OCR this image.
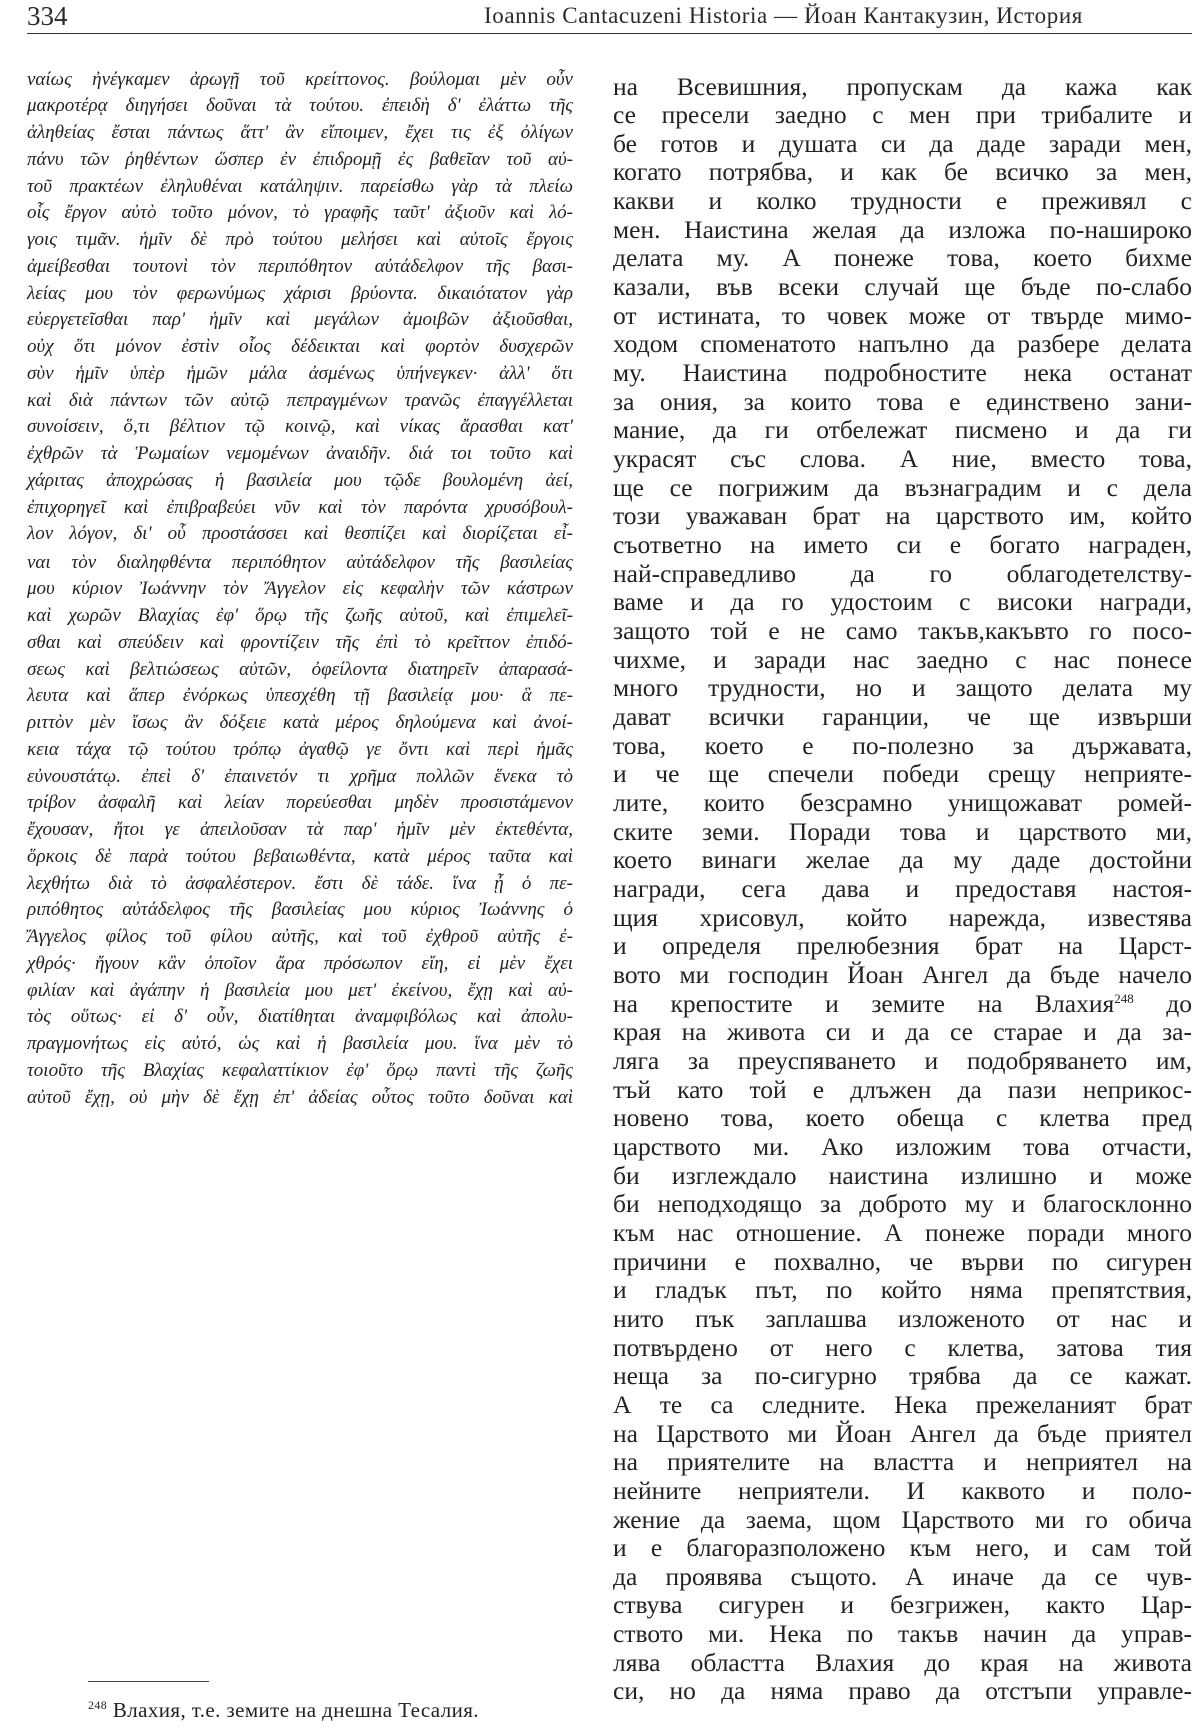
334	Ioannis Cantacuzeni Historia — Йоан Кантакузин, История
ναίως ἠνέγκαμεν ἀρωγῇ τοῦ κρείττονος. βούλομαι μὲν οὖν
μακροτέρᾳ διηγήσει δοῦναι τὰ τούτου. ἐπειδὴ δ' ἐλάττω τῆς
ἀληθείας ἔσται πάντως ἅττ' ἂν εἴποιμεν, ἔχει τις ἐξ ὀλίγων
πάνυ τῶν ῥηθέντων ὥσπερ ἐν ἐπιδρομῇ ἐς βαθεῖαν τοῦ αὐ-
τοῦ πρακτέων ἐληλυθέναι κατάληψιν. παρείσθω γὰρ τὰ πλείω
οἷς ἔργον αὐτὸ τοῦτο μόνον, τὸ γραφῆς ταῦτ' ἀξιοῦν καὶ λό-
γοις τιμᾶν. ἡμῖν δὲ πρὸ τούτου μελήσει καὶ αὐτοῖς ἔργοις
ἀμείβεσθαι τουτονὶ τὸν περιπόθητον αὐτάδελφον τῆς βασι-
λείας μου τὸν φερωνύμως χάρισι βρύοντα. δικαιότατον γὰρ
εὐεργετεῖσθαι παρ' ἡμῖν καὶ μεγάλων ἀμοιβῶν ἀξιοῦσθαι,
οὐχ ὅτι μόνον ἐστὶν οἷος δέδεικται καὶ φορτὸν δυσχερῶν
σὺν ἡμῖν ὑπὲρ ἡμῶν μάλα ἀσμένως ὑπήνεγκεν· ἀλλ' ὅτι
καὶ διὰ πάντων τῶν αὐτῷ πεπραγμένων τρανῶς ἐπαγγέλλεται
συνοίσειν, ὅ,τι βέλτιον τῷ κοινῷ, καὶ νίκας ἄρασθαι κατ'
ἐχθρῶν τὰ Ῥωμαίων νεμομένων ἀναιδῆν. διά τοι τοῦτο καὶ
χάριτας ἀποχρώσας ἡ βασιλεία μου τῷδε βουλομένη ἀεί,
ἐπιχορηγεῖ καὶ ἐπιβραβεύει νῦν καὶ τὸν παρόντα χρυσόβουλ-
λον λόγον, δι' οὗ προστάσσει καὶ θεσπίζει καὶ διορίζεται εἶ-
ναι τὸν διαληφθέντα περιπόθητον αὐτάδελφον τῆς βασιλείας
μου κύριον Ἰωάννην τὸν Ἄγγελον εἰς κεφαλὴν τῶν κάστρων
καὶ χωρῶν Βλαχίας ἐφ' ὅρῳ τῆς ζωῆς αὐτοῦ, καὶ ἐπιμελεῖ-
σθαι καὶ σπεύδειν καὶ φροντίζειν τῆς ἐπὶ τὸ κρεῖττον ἐπιδό-
σεως καὶ βελτιώσεως αὐτῶν, ὀφείλοντα διατηρεῖν ἀπαρασά-
λευτα καὶ ἅπερ ἐνόρκως ὑπεσχέθη τῇ βασιλείᾳ μου· ἃ πε-
ριττὸν μὲν ἴσως ἂν δόξειε κατὰ μέρος δηλούμενα καὶ ἀνοί-
κεια τάχα τῷ τούτου τρόπῳ ἀγαθῷ γε ὄντι καὶ περὶ ἡμᾶς
εὐνουστάτῳ. ἐπεὶ δ' ἐπαινετόν τι χρῆμα πολλῶν ἕνεκα τὸ
τρίβον ἀσφαλῆ καὶ λείαν πορεύεσθαι μηδὲν προσιστάμενον
ἔχουσαν, ἤτοι γε ἀπειλοῦσαν τὰ παρ' ἡμῖν μὲν ἐκτεθέντα,
ὅρκοις δὲ παρὰ τούτου βεβαιωθέντα, κατὰ μέρος ταῦτα καὶ
λεχθήτω διὰ τὸ ἀσφαλέστερον. ἔστι δὲ τάδε. ἵνα ᾖ ὁ πε-
ριπόθητος αὐτάδελφος τῆς βασιλείας μου κύριος Ἰωάννης ὁ
Ἄγγελος φίλος τοῦ φίλου αὐτῆς, καὶ τοῦ ἐχθροῦ αὐτῆς ἐ-
χθρός· ἤγουν κἂν ὁποῖον ἄρα πρόσωπον εἴη, εἰ μὲν ἔχει
φιλίαν καὶ ἀγάπην ἡ βασιλεία μου μετ' ἐκείνου, ἔχῃ καὶ αὐ-
τὸς οὕτως· εἰ δ' οὖν, διατίθηται ἀναμφιβόλως καὶ ἀπολυ-
πραγμονήτως εἰς αὐτό, ὡς καὶ ἡ βασιλεία μου. ἵνα μὲν τὸ
τοιοῦτο τῆς Βλαχίας κεφαλαττίκιον ἐφ' ὅρῳ παντὶ τῆς ζωῆς
αὐτοῦ ἔχῃ, οὐ μὴν δὲ ἔχῃ ἐπ' ἀδείας οὗτος τοῦτο δοῦναι καὶ
на Всевишния, пропускам да кажа как
се пресели заедно с мен при трибалите и
бе готов и душата си да даде заради мен,
когато потрябва, и как бе всичко за мен,
какви и колко трудности е преживял с
мен. Наистина желая да изложа по-нашироко
делата му. А понеже това, което бихме
казали, във всеки случай ще бъде по-слабо
от истината, то човек може от твърде мимо-
ходом споменатото напълно да разбере делата
му. Наистина подробностите нека останат
за ония, за които това е единствено зани-
мание, да ги отбележат писмено и да ги
украсят със слова. А ние, вместо това,
ще се погрижим да възнаградим и с дела
този уважаван брат на царството им, който
съответно на името си е богато награден,
най-справедливо да го облагодетелству-
ваме и да го удостоим с високи награди,
защото той е не само такъв,какъвто го посо-
чихме, и заради нас заедно с нас понесе
много трудности, но и защото делата му
дават всички гаранции, че ще извърши
това, което е по-полезно за държавата,
и че ще спечели победи срещу неприяте-
лите, които безсрамно унищожават ромей-
ските земи. Поради това и царството ми,
което винаги желае да му даде достойни
награди, сега дава и предоставя настоя-
щия хрисовул, който нарежда, известява
и определя прелюбезния брат на Царст-
вото ми господин Йоан Ангел да бъде начело
на крепостите и земите на Влахия$^{248}$ до
края на живота си и да се старае и да за-
ляга за преуспяването и подобряването им,
тъй като той е длъжен да пази неприкос-
новено това, което обеща с клетва пред
царството ми. Ако изложим това отчасти,
би изглеждало наистина излишно и може
би неподходящо за доброто му и благосклонно
към нас отношение. А понеже поради много
причини е похвално, че върви по сигурен
и гладък път, по който няма препятствия,
нито пък заплашва изложеното от нас и
потвърдено от него с клетва, затова тия
неща за по-сигурно трябва да се кажат.
А те са следните. Нека прежеланият брат
на Царството ми Йоан Ангел да бъде приятел
на приятелите на властта и неприятел на
нейните неприятели. И каквото и поло-
жение да заема, щом Царството ми го обича
и е благоразположено към него, и сам той
да проявява същото. А иначе да се чув-
ствува сигурен и безгрижен, както Цар-
ството ми. Нека по такъв начин да управ-
лява областта Влахия до края на живота
си, но да няма право да отстъпи управле-
$^{248}$ Влахия, т.е. земите на днешна Тесалия.
